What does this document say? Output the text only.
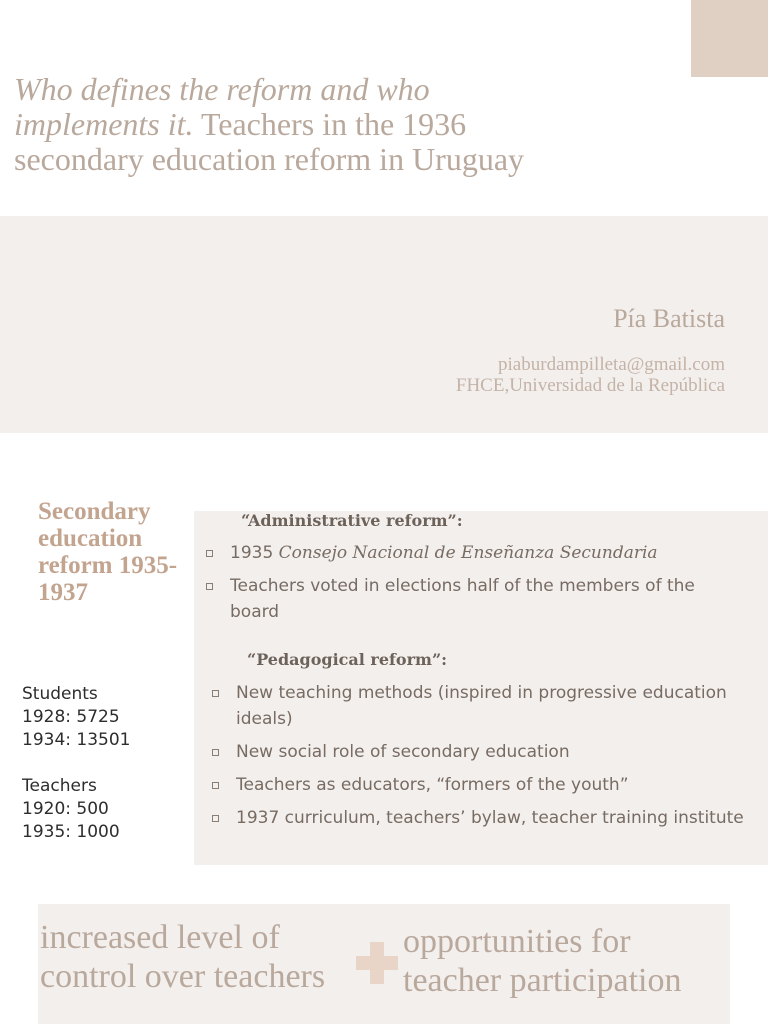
Who defines the reform and who implements it. Teachers in the 1936 secondary education reform in Uruguay
Pía Batista
piaburdampilleta@gmail.com
FHCE,Universidad de la República
Secondary education reform 1935-1937
Students
1928: 5725
1934: 13501
Teachers
1920: 500
1935: 1000
“Administrative reform”:
1935 Consejo Nacional de Enseñanza Secundaria
Teachers voted in elections half of the members of the board
“Pedagogical reform”:
New teaching methods (inspired in progressive education ideals)
New social role of secondary education
Teachers as educators, “formers of the youth”
1937 curriculum, teachers’ bylaw, teacher training institute
increased level of control over teachers
opportunities for teacher participation
